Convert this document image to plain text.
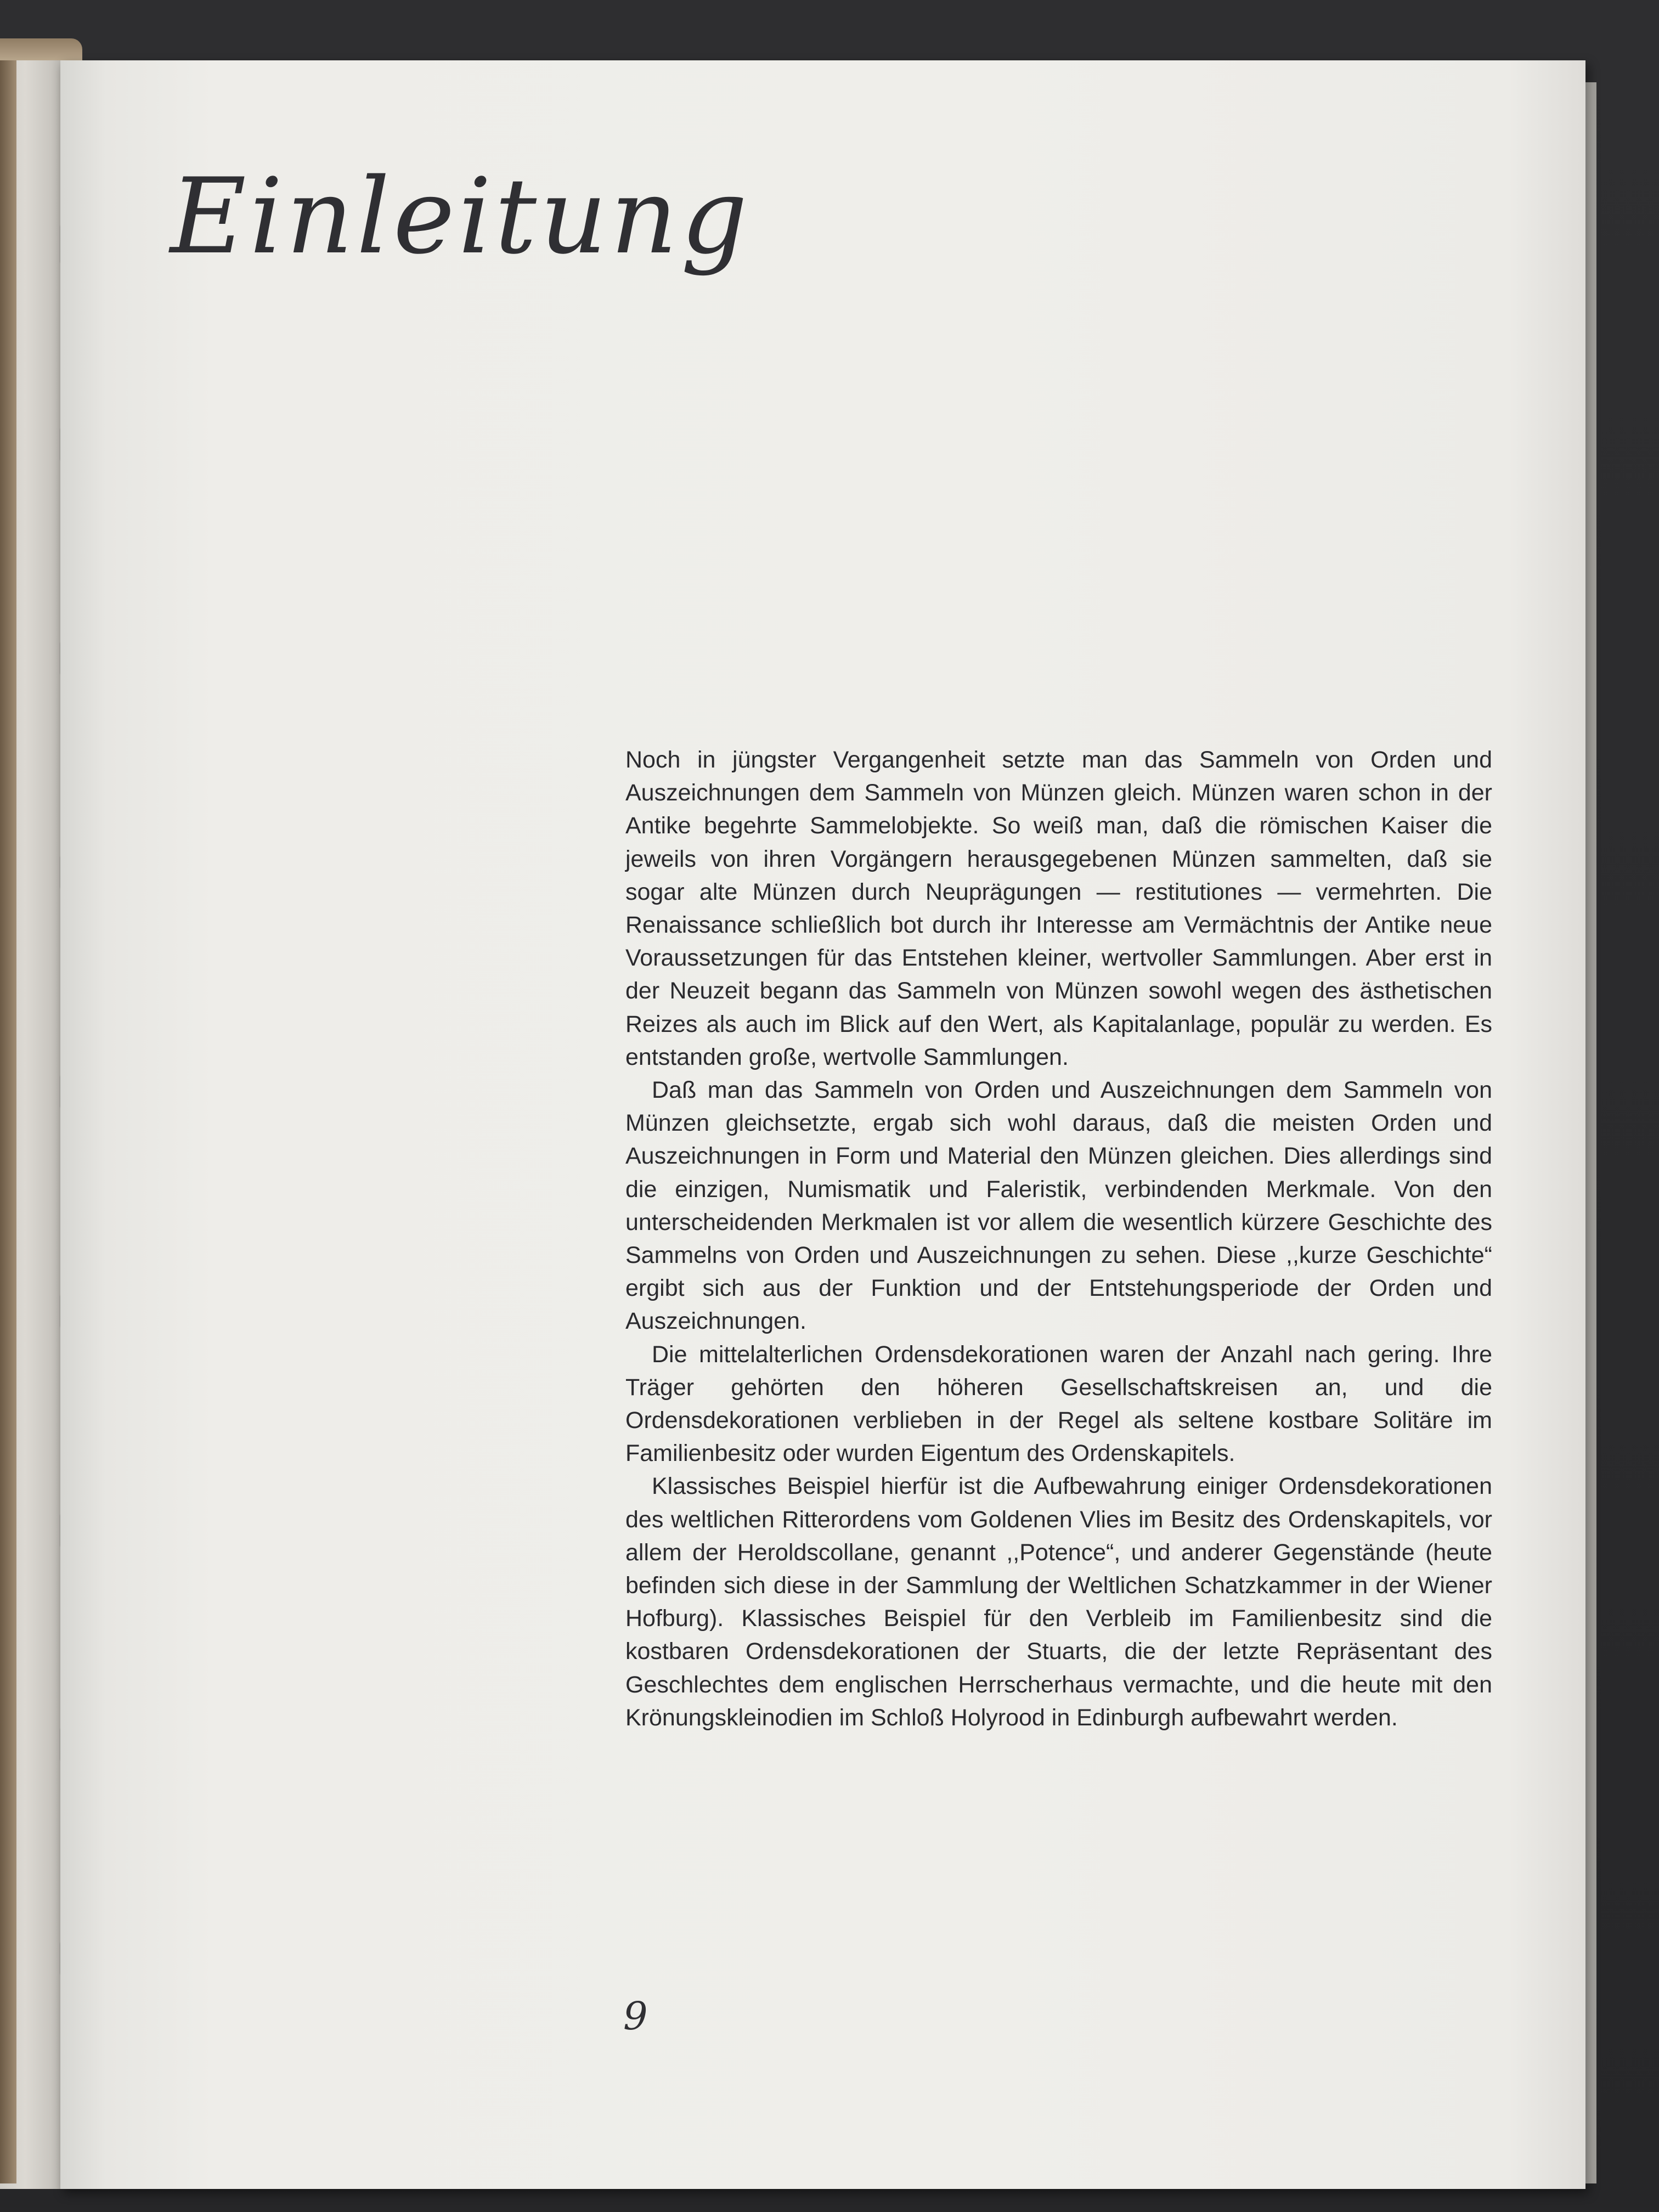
Einleitung

Noch in jüngster Vergangenheit setzte man das Sammeln von Orden und Auszeichnungen dem Sammeln von Münzen gleich. Münzen waren schon in der Antike begehrte Sammelobjekte. So weiß man, daß die römischen Kaiser die jeweils von ihren Vorgängern herausgegebenen Münzen sammelten, daß sie sogar alte Münzen durch Neuprägungen — restitutiones — vermehrten. Die Renaissance schließlich bot durch ihr Interesse am Vermächtnis der Antike neue Voraussetzungen für das Entstehen kleiner, wertvoller Sammlungen. Aber erst in der Neuzeit begann das Sammeln von Münzen sowohl wegen des ästhetischen Reizes als auch im Blick auf den Wert, als Kapitalanlage, populär zu werden. Es entstanden große, wertvolle Sammlungen.

Daß man das Sammeln von Orden und Auszeichnungen dem Sammeln von Münzen gleichsetzte, ergab sich wohl daraus, daß die meisten Orden und Auszeichnungen in Form und Material den Münzen gleichen. Dies allerdings sind die einzigen, Numismatik und Faleristik, verbindenden Merkmale. Von den unterscheidenden Merkmalen ist vor allem die wesentlich kürzere Geschichte des Sammelns von Orden und Auszeichnungen zu sehen. Diese ,,kurze Geschichte“ ergibt sich aus der Funktion und der Entstehungsperiode der Orden und Auszeichnungen.

Die mittelalterlichen Ordensdekorationen waren der Anzahl nach gering. Ihre Träger gehörten den höheren Gesellschaftskreisen an, und die Ordensdekorationen verblieben in der Regel als seltene kostbare Solitäre im Familienbesitz oder wurden Eigentum des Ordenskapitels.

Klassisches Beispiel hierfür ist die Aufbewahrung einiger Ordensdekorationen des weltlichen Ritterordens vom Goldenen Vlies im Besitz des Ordenskapitels, vor allem der Heroldscollane, genannt ,,Potence“, und anderer Gegenstände (heute befinden sich diese in der Sammlung der Weltlichen Schatzkammer in der Wiener Hofburg). Klassisches Beispiel für den Verbleib im Familienbesitz sind die kostbaren Ordensdekorationen der Stuarts, die der letzte Repräsentant des Geschlechtes dem englischen Herrscherhaus vermachte, und die heute mit den Krönungskleinodien im Schloß Holyrood in Edinburgh aufbewahrt werden.

9
